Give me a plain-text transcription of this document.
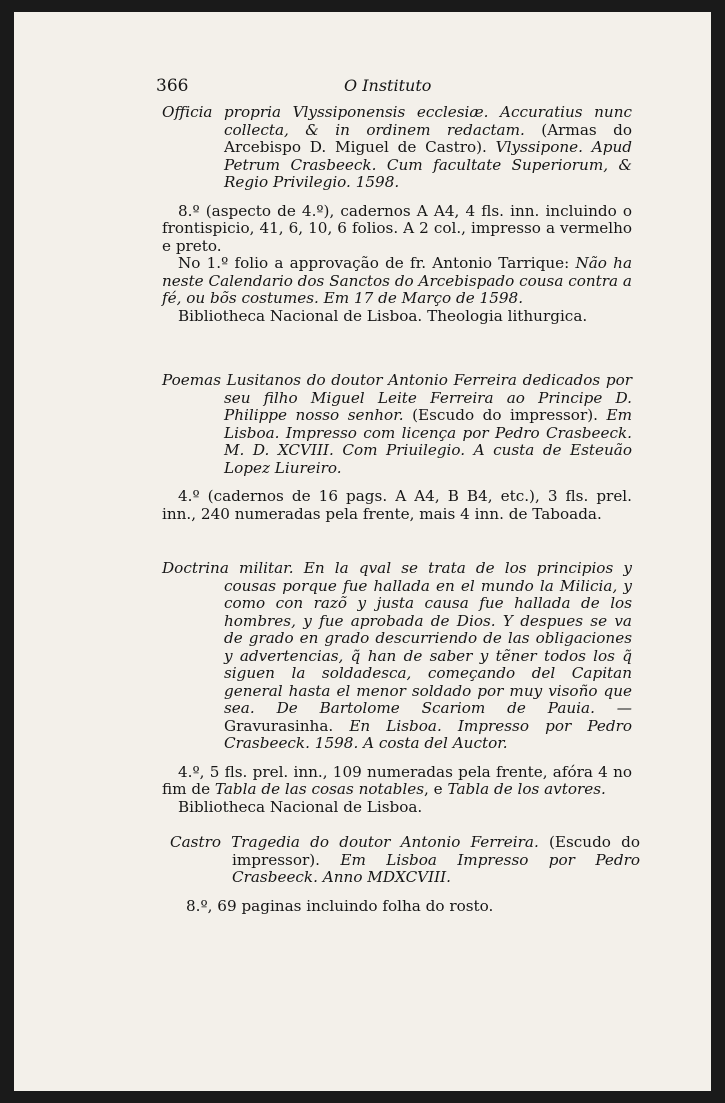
366	O Instituto

Officia propria Vlyssiponensis ecclesiæ. Accuratius nunc collecta, & in ordinem redactam. (Armas do Arcebispo D. Miguel de Castro). Vlyssipone. Apud Petrum Crasbeeck. Cum facultate Superiorum, & Regio Privilegio. 1598.

8.º (aspecto de 4.º), cadernos A A4, 4 fls. inn. incluindo o frontispicio, 41, 6, 10, 6 folios. A 2 col., impresso a vermelho e preto.

No 1.º folio a approvação de fr. Antonio Tarrique: Não ha neste Calendario dos Sanctos do Arcebispado cousa contra a fé, ou bõs costumes. Em 17 de Março de 1598.

Bibliotheca Nacional de Lisboa. Theologia lithurgica.

Poemas Lusitanos do doutor Antonio Ferreira dedicados por seu filho Miguel Leite Ferreira ao Principe D. Philippe nosso senhor. (Escudo do impressor). Em Lisboa. Impresso com licença por Pedro Crasbeeck. M. D. XCVIII. Com Priuilegio. A custa de Esteuão Lopez Liureiro.

4.º (cadernos de 16 pags. A A4, B B4, etc.), 3 fls. prel. inn., 240 numeradas pela frente, mais 4 inn. de Taboada.

Doctrina militar. En la qval se trata de los principios y cousas porque fue hallada en el mundo la Milicia, y como con razõ y justa causa fue hallada de los hombres, y fue aprobada de Dios. Y despues se va de grado en grado descurriendo de las obligaciones y advertencias, q̃ han de saber y tẽner todos los q̃ siguen la soldadesca, começando del Capitan general hasta el menor soldado por muy visoño que sea. De Bartolome Scariom de Pauia. — Gravurasinha. En Lisboa. Impresso por Pedro Crasbeeck. 1598. A costa del Auctor.

4.º, 5 fls. prel. inn., 109 numeradas pela frente, afóra 4 no fim de Tabla de las cosas notables, e Tabla de los avtores.

Bibliotheca Nacional de Lisboa.

Castro Tragedia do doutor Antonio Ferreira. (Escudo do impressor). Em Lisboa Impresso por Pedro Crasbeeck. Anno MDXCVIII.

8.º, 69 paginas incluindo folha do rosto.
